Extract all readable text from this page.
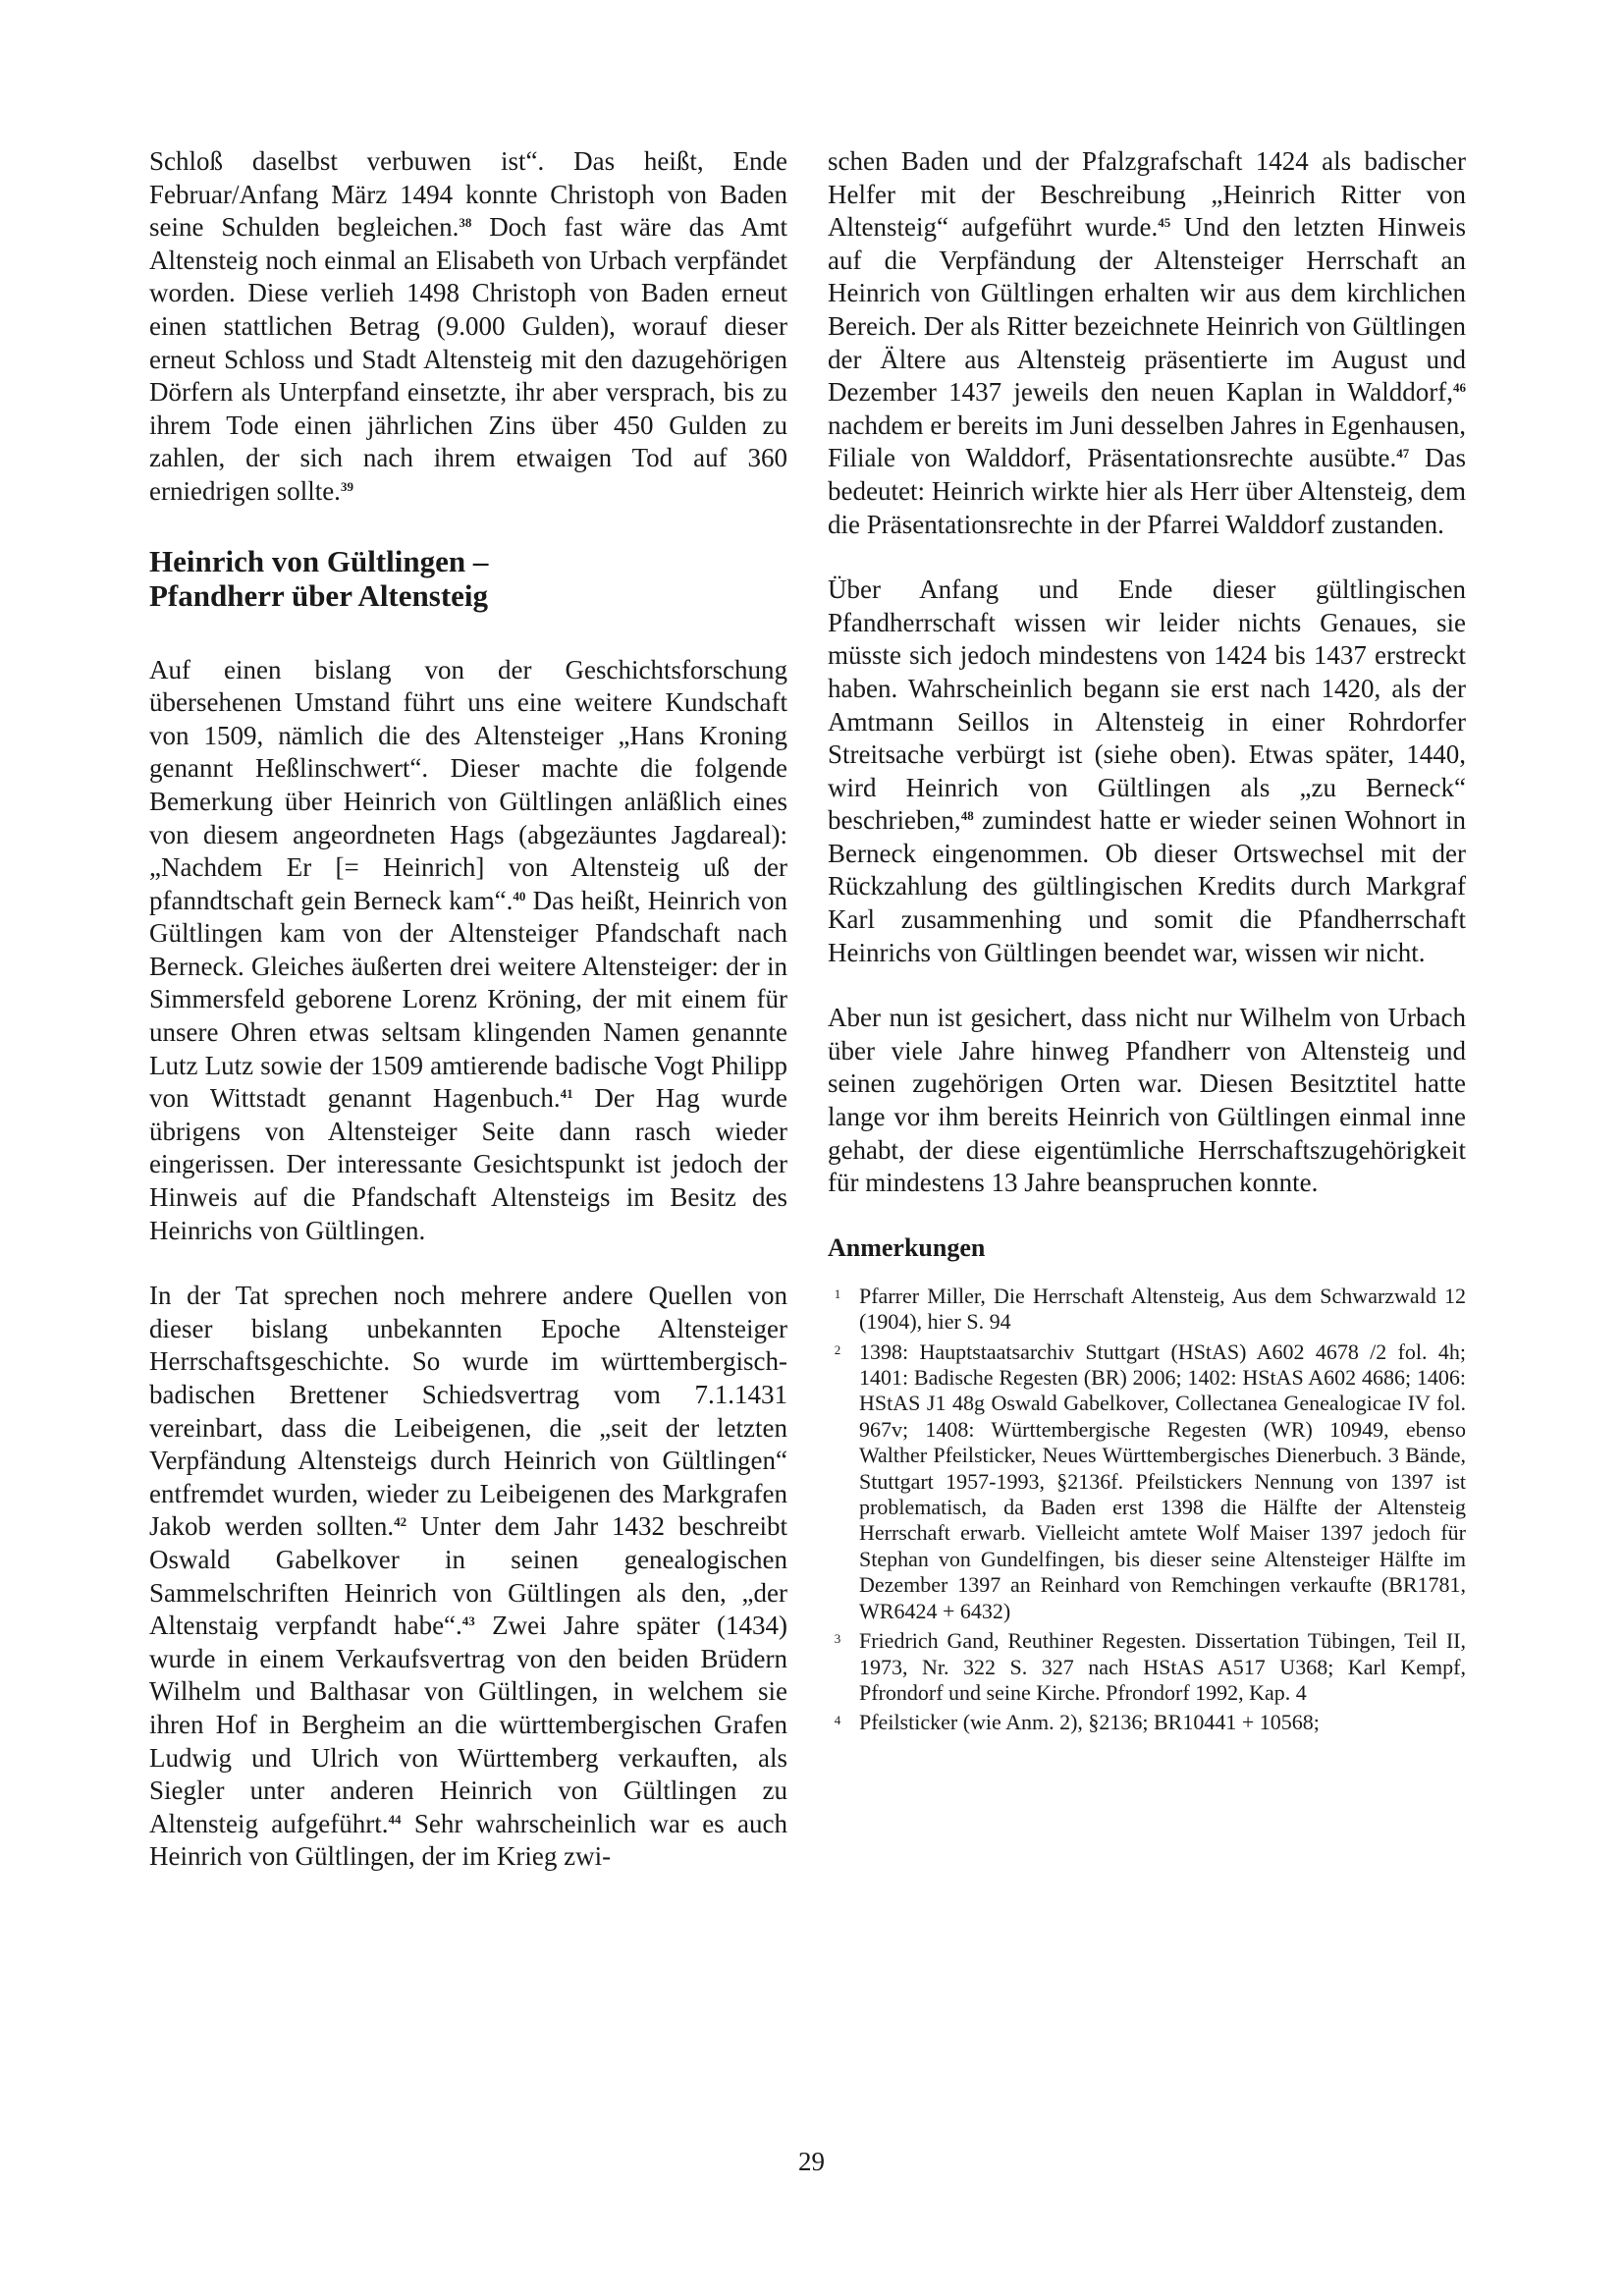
Schloß daselbst verbuwen ist“. Das heißt, Ende Februar/Anfang März 1494 konnte Christoph von Baden seine Schulden begleichen.$^{38}$ Doch fast wäre das Amt Altensteig noch einmal an Elisabeth von Urbach verpfändet worden. Diese verlieh 1498 Christoph von Baden erneut einen stattlichen Betrag (9.000 Gulden), worauf dieser erneut Schloss und Stadt Altensteig mit den dazugehörigen Dörfern als Unterpfand einsetzte, ihr aber versprach, bis zu ihrem Tode einen jährlichen Zins über 450 Gulden zu zahlen, der sich nach ihrem etwaigen Tod auf 360 erniedrigen sollte.$^{39}$

Heinrich von Gültlingen –
Pfandherr über Altensteig

Auf einen bislang von der Geschichtsforschung übersehenen Umstand führt uns eine weitere Kundschaft von 1509, nämlich die des Altensteiger „Hans Kroning genannt Heßlinschwert“. Dieser machte die folgende Bemerkung über Heinrich von Gültlingen anläßlich eines von diesem angeordneten Hags (abgezäuntes Jagdareal): „Nachdem Er [= Heinrich] von Altensteig uß der pfanndtschaft gein Berneck kam“.$^{40}$ Das heißt, Heinrich von Gültlingen kam von der Altensteiger Pfandschaft nach Berneck. Gleiches äußerten drei weitere Altensteiger: der in Simmersfeld geborene Lorenz Kröning, der mit einem für unsere Ohren etwas seltsam klingenden Namen genannte Lutz Lutz sowie der 1509 amtierende badische Vogt Philipp von Wittstadt genannt Hagenbuch.$^{41}$ Der Hag wurde übrigens von Altensteiger Seite dann rasch wieder eingerissen. Der interessante Gesichtspunkt ist jedoch der Hinweis auf die Pfandschaft Altensteigs im Besitz des Heinrichs von Gültlingen.

In der Tat sprechen noch mehrere andere Quellen von dieser bislang unbekannten Epoche Altensteiger Herrschaftsgeschichte. So wurde im württembergisch-badischen Brettener Schiedsvertrag vom 7.1.1431 vereinbart, dass die Leibeigenen, die „seit der letzten Verpfändung Altensteigs durch Heinrich von Gültlingen“ entfremdet wurden, wieder zu Leibeigenen des Markgrafen Jakob werden sollten.$^{42}$ Unter dem Jahr 1432 beschreibt Oswald Gabelkover in seinen genealogischen Sammelschriften Heinrich von Gültlingen als den, „der Altenstaig verpfandt habe“.$^{43}$ Zwei Jahre später (1434) wurde in einem Verkaufsvertrag von den beiden Brüdern Wilhelm und Balthasar von Gültlingen, in welchem sie ihren Hof in Bergheim an die württembergischen Grafen Ludwig und Ulrich von Württemberg verkauften, als Siegler unter anderen Heinrich von Gültlingen zu Altensteig aufgeführt.$^{44}$ Sehr wahrscheinlich war es auch Heinrich von Gültlingen, der im Krieg zwi-

schen Baden und der Pfalzgrafschaft 1424 als badischer Helfer mit der Beschreibung „Heinrich Ritter von Altensteig“ aufgeführt wurde.$^{45}$ Und den letzten Hinweis auf die Verpfändung der Altensteiger Herrschaft an Heinrich von Gültlingen erhalten wir aus dem kirchlichen Bereich. Der als Ritter bezeichnete Heinrich von Gültlingen der Ältere aus Altensteig präsentierte im August und Dezember 1437 jeweils den neuen Kaplan in Walddorf,$^{46}$ nachdem er bereits im Juni desselben Jahres in Egenhausen, Filiale von Walddorf, Präsentationsrechte ausübte.$^{47}$ Das bedeutet: Heinrich wirkte hier als Herr über Altensteig, dem die Präsentationsrechte in der Pfarrei Walddorf zustanden.

Über Anfang und Ende dieser gültlingischen Pfandherrschaft wissen wir leider nichts Genaues, sie müsste sich jedoch mindestens von 1424 bis 1437 erstreckt haben. Wahrscheinlich begann sie erst nach 1420, als der Amtmann Seillos in Altensteig in einer Rohrdorfer Streitsache verbürgt ist (siehe oben). Etwas später, 1440, wird Heinrich von Gültlingen als „zu Berneck“ beschrieben,$^{48}$ zumindest hatte er wieder seinen Wohnort in Berneck eingenommen. Ob dieser Ortswechsel mit der Rückzahlung des gültlingischen Kredits durch Markgraf Karl zusammenhing und somit die Pfandherrschaft Heinrichs von Gültlingen beendet war, wissen wir nicht.

Aber nun ist gesichert, dass nicht nur Wilhelm von Urbach über viele Jahre hinweg Pfandherr von Altensteig und seinen zugehörigen Orten war. Diesen Besitztitel hatte lange vor ihm bereits Heinrich von Gültlingen einmal inne gehabt, der diese eigentümliche Herrschaftszugehörigkeit für mindestens 13 Jahre beanspruchen konnte.

Anmerkungen
1 Pfarrer Miller, Die Herrschaft Altensteig, Aus dem Schwarzwald 12 (1904), hier S. 94
2 1398: Hauptstaatsarchiv Stuttgart (HStAS) A602 4678 /2 fol. 4h; 1401: Badische Regesten (BR) 2006; 1402: HStAS A602 4686; 1406: HStAS J1 48g Oswald Gabelkover, Collectanea Genealogicae IV fol. 967v; 1408: Württembergische Regesten (WR) 10949, ebenso Walther Pfeilsticker, Neues Württembergisches Dienerbuch. 3 Bände, Stuttgart 1957-1993, §2136f. Pfeilstickers Nennung von 1397 ist problematisch, da Baden erst 1398 die Hälfte der Altensteig Herrschaft erwarb. Vielleicht amtete Wolf Maiser 1397 jedoch für Stephan von Gundelfingen, bis dieser seine Altensteiger Hälfte im Dezember 1397 an Reinhard von Remchingen verkaufte (BR1781, WR6424 + 6432)
3 Friedrich Gand, Reuthiner Regesten. Dissertation Tübingen, Teil II, 1973, Nr. 322 S. 327 nach HStAS A517 U368; Karl Kempf, Pfrondorf und seine Kirche. Pfrondorf 1992, Kap. 4
4 Pfeilsticker (wie Anm. 2), §2136; BR10441 + 10568;
29
